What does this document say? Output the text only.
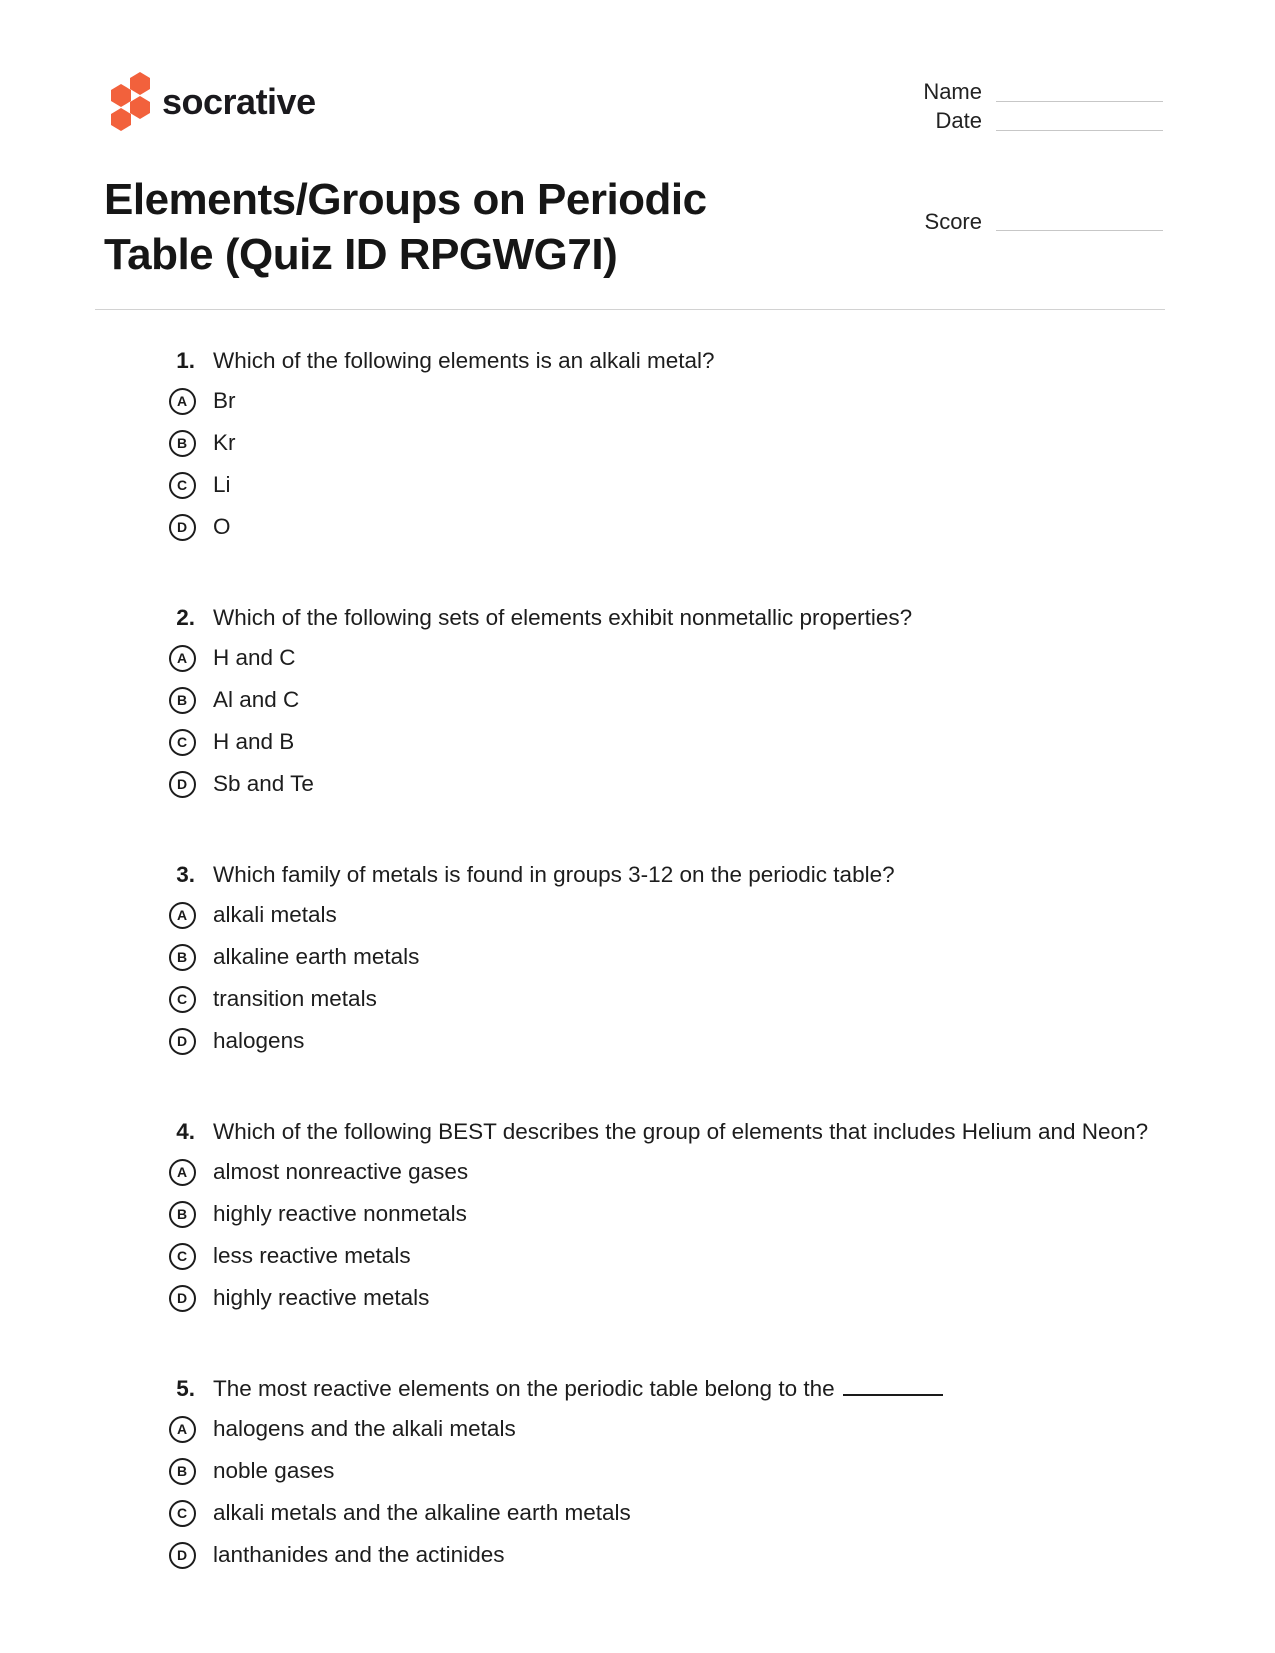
socrative	Name
Date
Score
Elements/Groups on Periodic Table (Quiz ID RPGWG7I)
1. Which of the following elements is an alkali metal?
A Br
B Kr
C Li
D O
2. Which of the following sets of elements exhibit nonmetallic properties?
A H and C
B Al and C
C H and B
D Sb and Te
3. Which family of metals is found in groups 3-12 on the periodic table?
A alkali metals
B alkaline earth metals
C transition metals
D halogens
4. Which of the following BEST describes the group of elements that includes Helium and Neon?
A almost nonreactive gases
B highly reactive nonmetals
C less reactive metals
D highly reactive metals
5. The most reactive elements on the periodic table belong to the
A halogens and the alkali metals
B noble gases
C alkali metals and the alkaline earth metals
D lanthanides and the actinides
